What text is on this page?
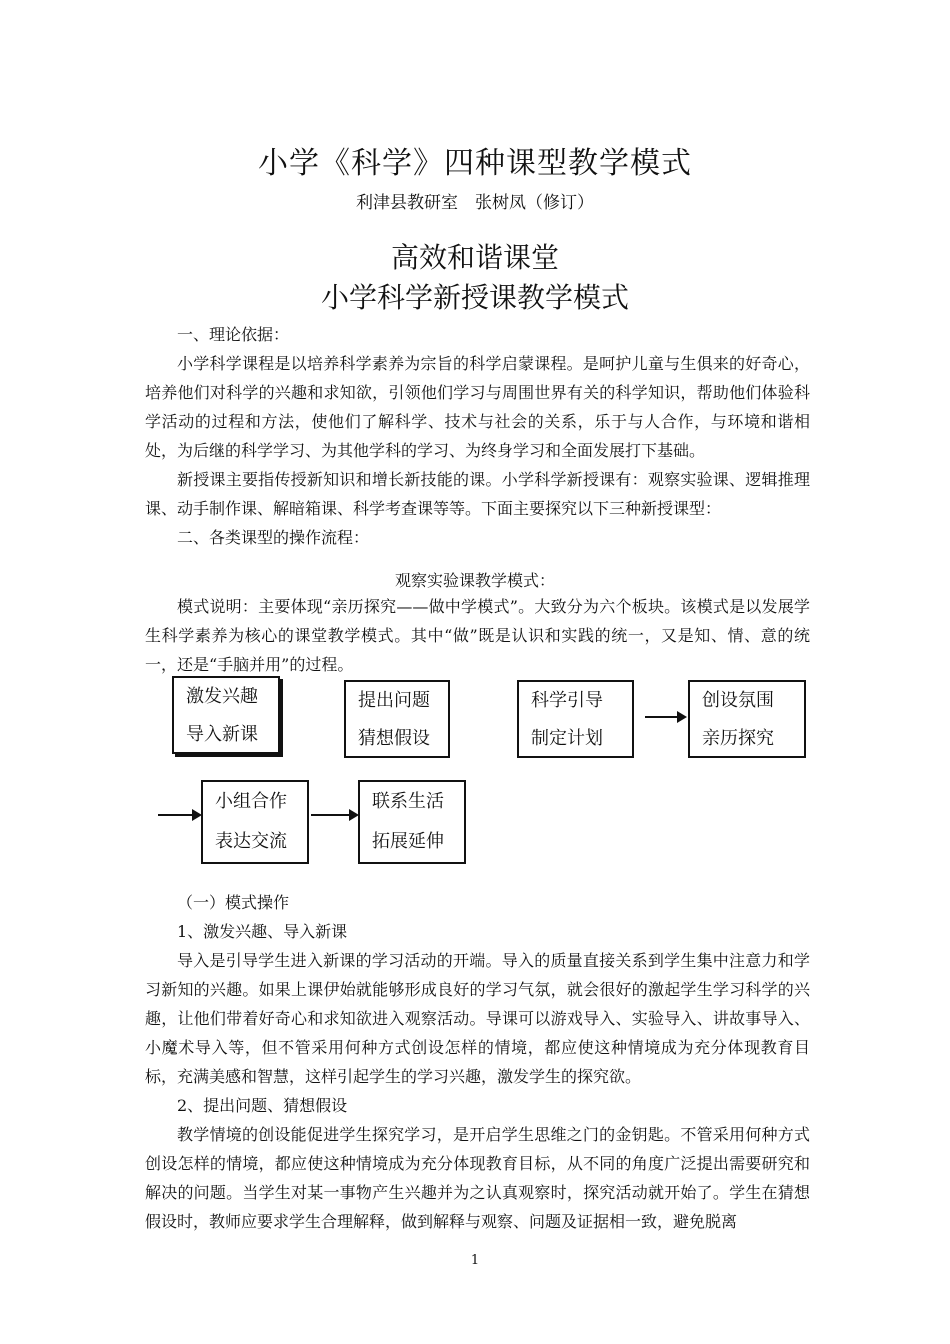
小学《科学》四种课型教学模式
利津县教研室　张树凤（修订）
高效和谐课堂
小学科学新授课教学模式

一、理论依据：

小学科学课程是以培养科学素养为宗旨的科学启蒙课程。是呵护儿童与生俱来的好奇心，培养他们对科学的兴趣和求知欲，引领他们学习与周围世界有关的科学知识，帮助他们体验科学活动的过程和方法，使他们了解科学、技术与社会的关系，乐于与人合作，与环境和谐相处，为后继的科学学习、为其他学科的学习、为终身学习和全面发展打下基础。

新授课主要指传授新知识和增长新技能的课。小学科学新授课有：观察实验课、逻辑推理课、动手制作课、解暗箱课、科学考查课等等。下面主要探究以下三种新授课型：

二、各类课型的操作流程：

观察实验课教学模式：

模式说明：主要体现“亲历探究——做中学模式”。大致分为六个板块。该模式是以发展学生科学素养为核心的课堂教学模式。其中“做”既是认识和实践的统一，又是知、情、意的统一，还是“手脑并用”的过程。

激发兴趣
导入新课
提出问题
猜想假设
科学引导
制定计划
创设氛围
亲历探究
小组合作
表达交流
联系生活
拓展延伸

（一）模式操作

1、激发兴趣、导入新课

导入是引导学生进入新课的学习活动的开端。导入的质量直接关系到学生集中注意力和学习新知的兴趣。如果上课伊始就能够形成良好的学习气氛，就会很好的激起学生学习科学的兴趣，让他们带着好奇心和求知欲进入观察活动。导课可以游戏导入、实验导入、讲故事导入、小魔术导入等，但不管采用何种方式创设怎样的情境，都应使这种情境成为充分体现教育目标，充满美感和智慧，这样引起学生的学习兴趣，激发学生的探究欲。

2、提出问题、猜想假设

教学情境的创设能促进学生探究学习，是开启学生思维之门的金钥匙。不管采用何种方式创设怎样的情境，都应使这种情境成为充分体现教育目标，从不同的角度广泛提出需要研究和解决的问题。当学生对某一事物产生兴趣并为之认真观察时，探究活动就开始了。学生在猜想假设时，教师应要求学生合理解释，做到解释与观察、问题及证据相一致，避免脱离

1
